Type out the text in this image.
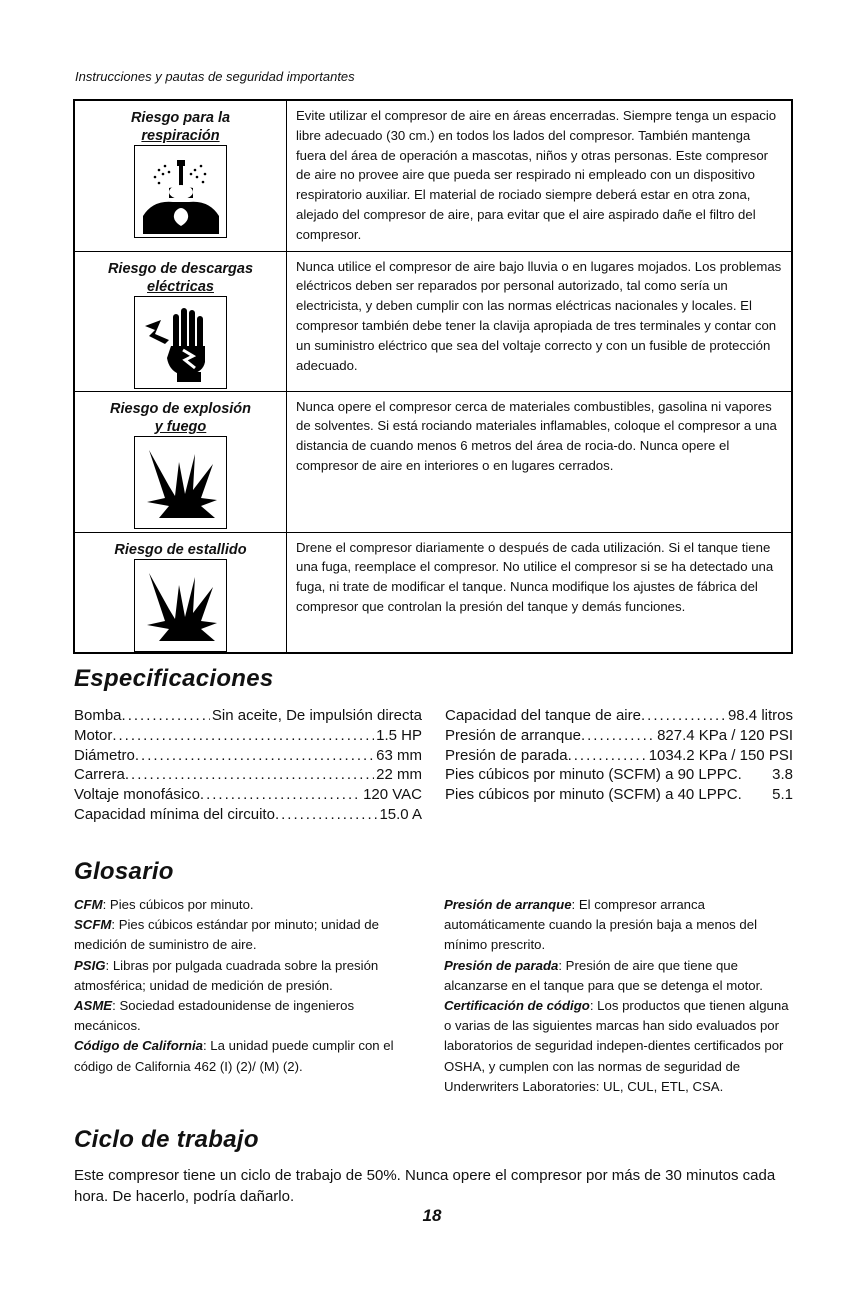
Instrucciones y pautas de seguridad importantes
Riesgo para la
respiración	Evite utilizar el compresor de aire en áreas encerradas. Siempre tenga un espacio libre adecuado (30 cm.) en todos los lados del compresor. También mantenga fuera del área de operación a mascotas, niños y otras personas. Este compresor de aire no provee aire que pueda ser respirado ni empleado con un dispositivo respiratorio auxiliar. El material de rociado siempre deberá estar en otra zona, alejado del compresor de aire, para evitar que el aire aspirado dañe el filtro del compresor.

Riesgo de descargas
eléctricas	Nunca utilice el compresor de aire bajo lluvia o en lugares mojados. Los problemas eléctricos deben ser reparados por personal autorizado, tal como sería un electricista, y deben cumplir con las normas eléctricas nacionales y locales. El compresor también debe tener la clavija apropiada de tres terminales y contar con un suministro eléctrico que sea del voltaje correcto y con un fusible de protección adecuado.

Riesgo de explosión
y fuego	Nunca opere el compresor cerca de materiales combustibles, gasolina ni vapores de solventes. Si está rociando materiales inflamables, coloque el compresor a una distancia de cuando menos 6 metros del área de rocia-do. Nunca opere el compresor de aire en interiores o en lugares cerrados.

Riesgo de estallido	Drene el compresor diariamente o después de cada utilización. Si el tanque tiene una fuga, reemplace el compresor. No utilice el compresor si se ha detectado una fuga, ni trate de modificar el tanque. Nunca modifique los ajustes de fábrica del compresor que controlan la presión del tanque y demás funciones.
Especificaciones
Bomba .....	Sin aceite, De impulsión directa
Motor .....	1.5 HP
Diámetro .....	63 mm
Carrera .....	22 mm
Voltaje monofásico .....	120 VAC
Capacidad mínima del circuito .....	15.0 A
Capacidad del tanque de aire .....	98.4 litros
Presión de arranque .....	827.4 KPa / 120 PSI
Presión de parada .....	1034.2 KPa / 150 PSI
Pies cúbicos por minuto (SCFM) a 90 LPPC. 3.8
Pies cúbicos por minuto (SCFM) a 40 LPPC. 5.1
Glosario

CFM: Pies cúbicos por minuto.

SCFM: Pies cúbicos estándar por minuto; unidad de medición de suministro de aire.

PSIG: Libras por pulgada cuadrada sobre la presión atmosférica; unidad de medición de presión.

ASME: Sociedad estadounidense de ingenieros mecánicos.

Código de California: La unidad puede cumplir con el código de California 462 (I) (2)/ (M) (2).

Presión de arranque: El compresor arranca automáticamente cuando la presión baja a menos del mínimo prescrito.

Presión de parada: Presión de aire que tiene que alcanzarse en el tanque para que se detenga el motor.

Certificación de código: Los productos que tienen alguna o varias de las siguientes marcas han sido evaluados por laboratorios de seguridad indepen-dientes certificados por OSHA, y cumplen con las normas de seguridad de Underwriters Laboratories: UL, CUL, ETL, CSA.

Ciclo de trabajo
Este compresor tiene un ciclo de trabajo de 50%. Nunca opere el compresor por más de 30 minutos cada hora. De hacerlo, podría dañarlo.
18
